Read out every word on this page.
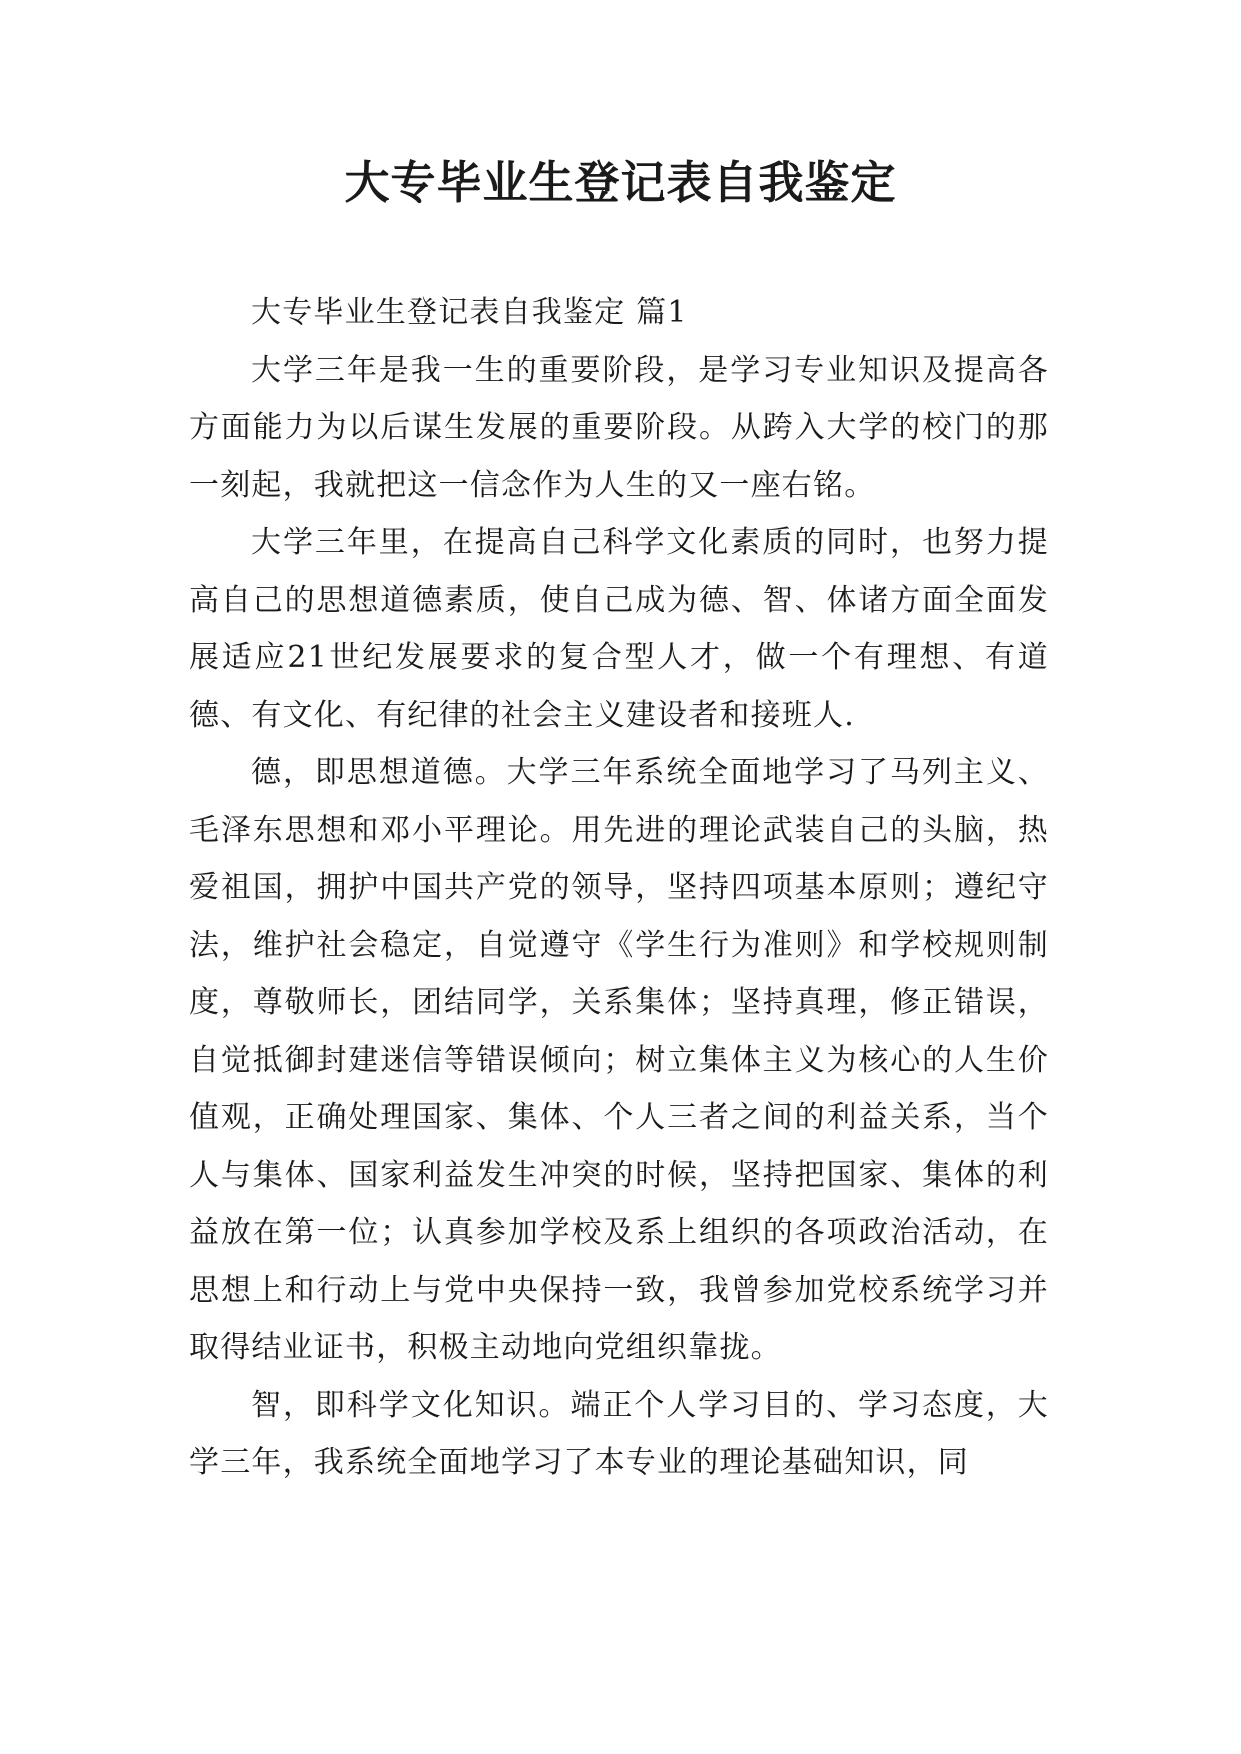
大专毕业生登记表自我鉴定

大专毕业生登记表自我鉴定 篇1

大学三年是我一生的重要阶段，是学习专业知识及提高各方面能力为以后谋生发展的重要阶段。从跨入大学的校门的那一刻起，我就把这一信念作为人生的又一座右铭。

大学三年里，在提高自己科学文化素质的同时，也努力提高自己的思想道德素质，使自己成为德、智、体诸方面全面发展适应21世纪发展要求的复合型人才，做一个有理想、有道德、有文化、有纪律的社会主义建设者和接班人.

德，即思想道德。大学三年系统全面地学习了马列主义、毛泽东思想和邓小平理论。用先进的理论武装自己的头脑，热爱祖国，拥护中国共产党的领导，坚持四项基本原则；遵纪守法，维护社会稳定，自觉遵守《学生行为准则》和学校规则制度，尊敬师长，团结同学，关系集体；坚持真理，修正错误，自觉抵御封建迷信等错误倾向；树立集体主义为核心的人生价值观，正确处理国家、集体、个人三者之间的利益关系，当个人与集体、国家利益发生冲突的时候，坚持把国家、集体的利益放在第一位；认真参加学校及系上组织的各项政治活动，在思想上和行动上与党中央保持一致，我曾参加党校系统学习并取得结业证书，积极主动地向党组织靠拢。

智，即科学文化知识。端正个人学习目的、学习态度，大学三年，我系统全面地学习了本专业的理论基础知识，同
